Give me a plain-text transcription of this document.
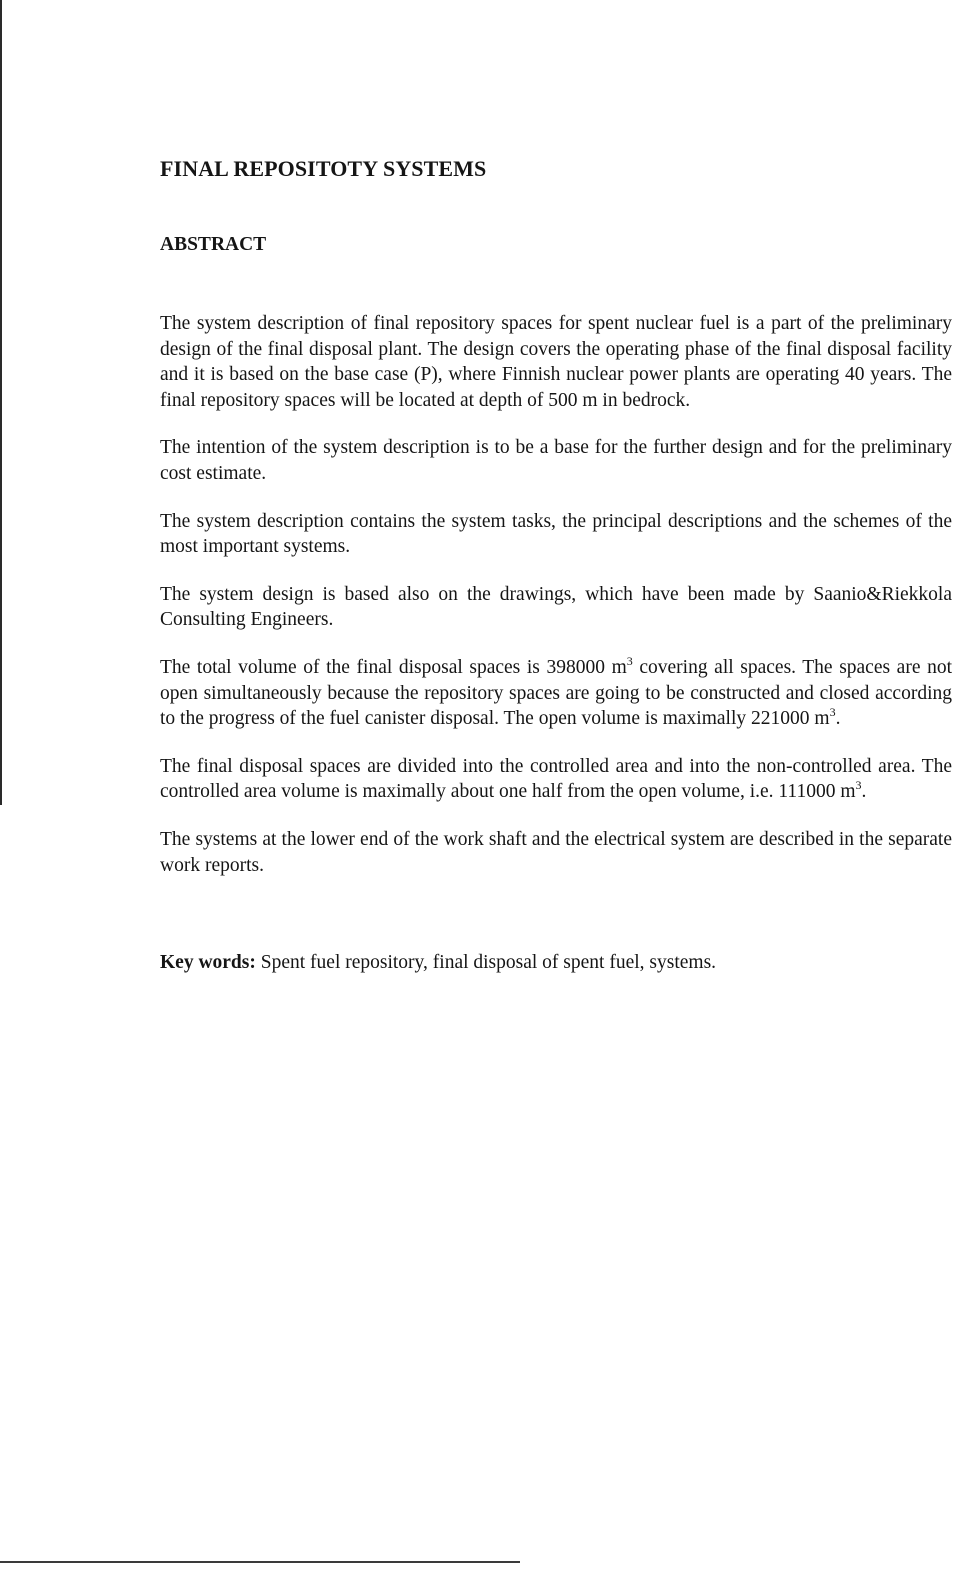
FINAL REPOSITOTY SYSTEMS
ABSTRACT

The system description of final repository spaces for spent nuclear fuel is a part of the preliminary design of the final disposal plant. The design covers the operating phase of the final disposal facility and it is based on the base case (P), where Finnish nuclear power plants are operating 40 years. The final repository spaces will be located at depth of 500 m in bedrock.

The intention of the system description is to be a base for the further design and for the preliminary cost estimate.

The system description contains the system tasks, the principal descriptions and the schemes of the most important systems.

The system design is based also on the drawings, which have been made by Saanio&Riekkola Consulting Engineers.

The total volume of the final disposal spaces is 398000 $m^3$ covering all spaces. The spaces are not open simultaneously because the repository spaces are going to be constructed and closed according to the progress of the fuel canister disposal. The open volume is maximally 221000 $m^3$.

The final disposal spaces are divided into the controlled area and into the non-controlled area. The controlled area volume is maximally about one half from the open volume, i.e. 111000 $m^3$.

The systems at the lower end of the work shaft and the electrical system are described in the separate work reports.

Key words: Spent fuel repository, final disposal of spent fuel, systems.
